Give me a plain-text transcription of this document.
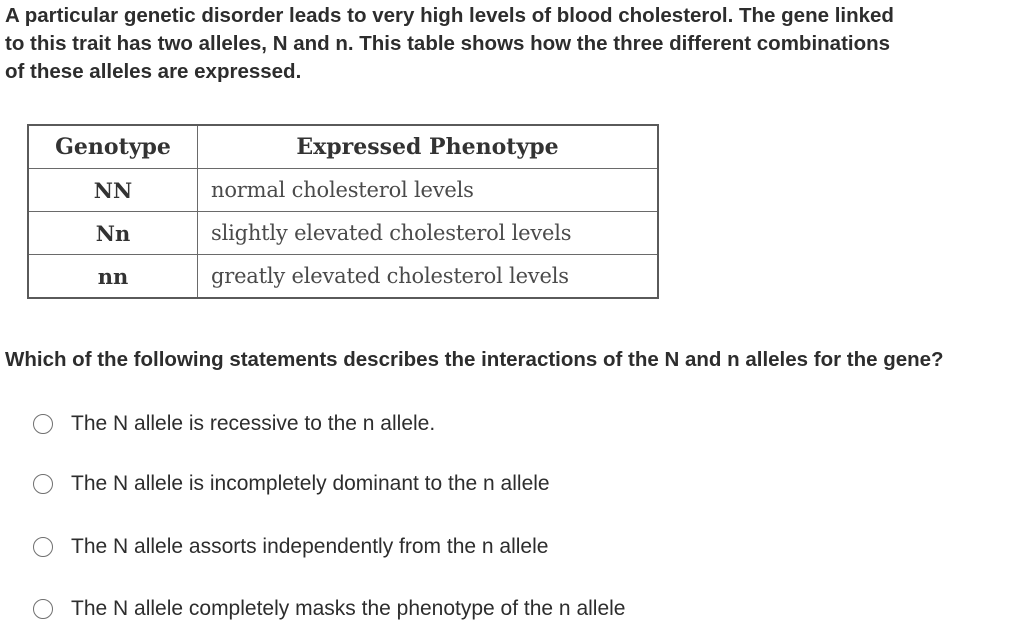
A particular genetic disorder leads to very high levels of blood cholesterol. The gene linked to this trait has two alleles, N and n. This table shows how the three different combinations of these alleles are expressed.

Genotype	Expressed Phenotype
NN	normal cholesterol levels
Nn	slightly elevated cholesterol levels
nn	greatly elevated cholesterol levels

Which of the following statements describes the interactions of the N and n alleles for the gene?

The N allele is recessive to the n allele.
The N allele is incompletely dominant to the n allele
The N allele assorts independently from the n allele
The N allele completely masks the phenotype of the n allele
